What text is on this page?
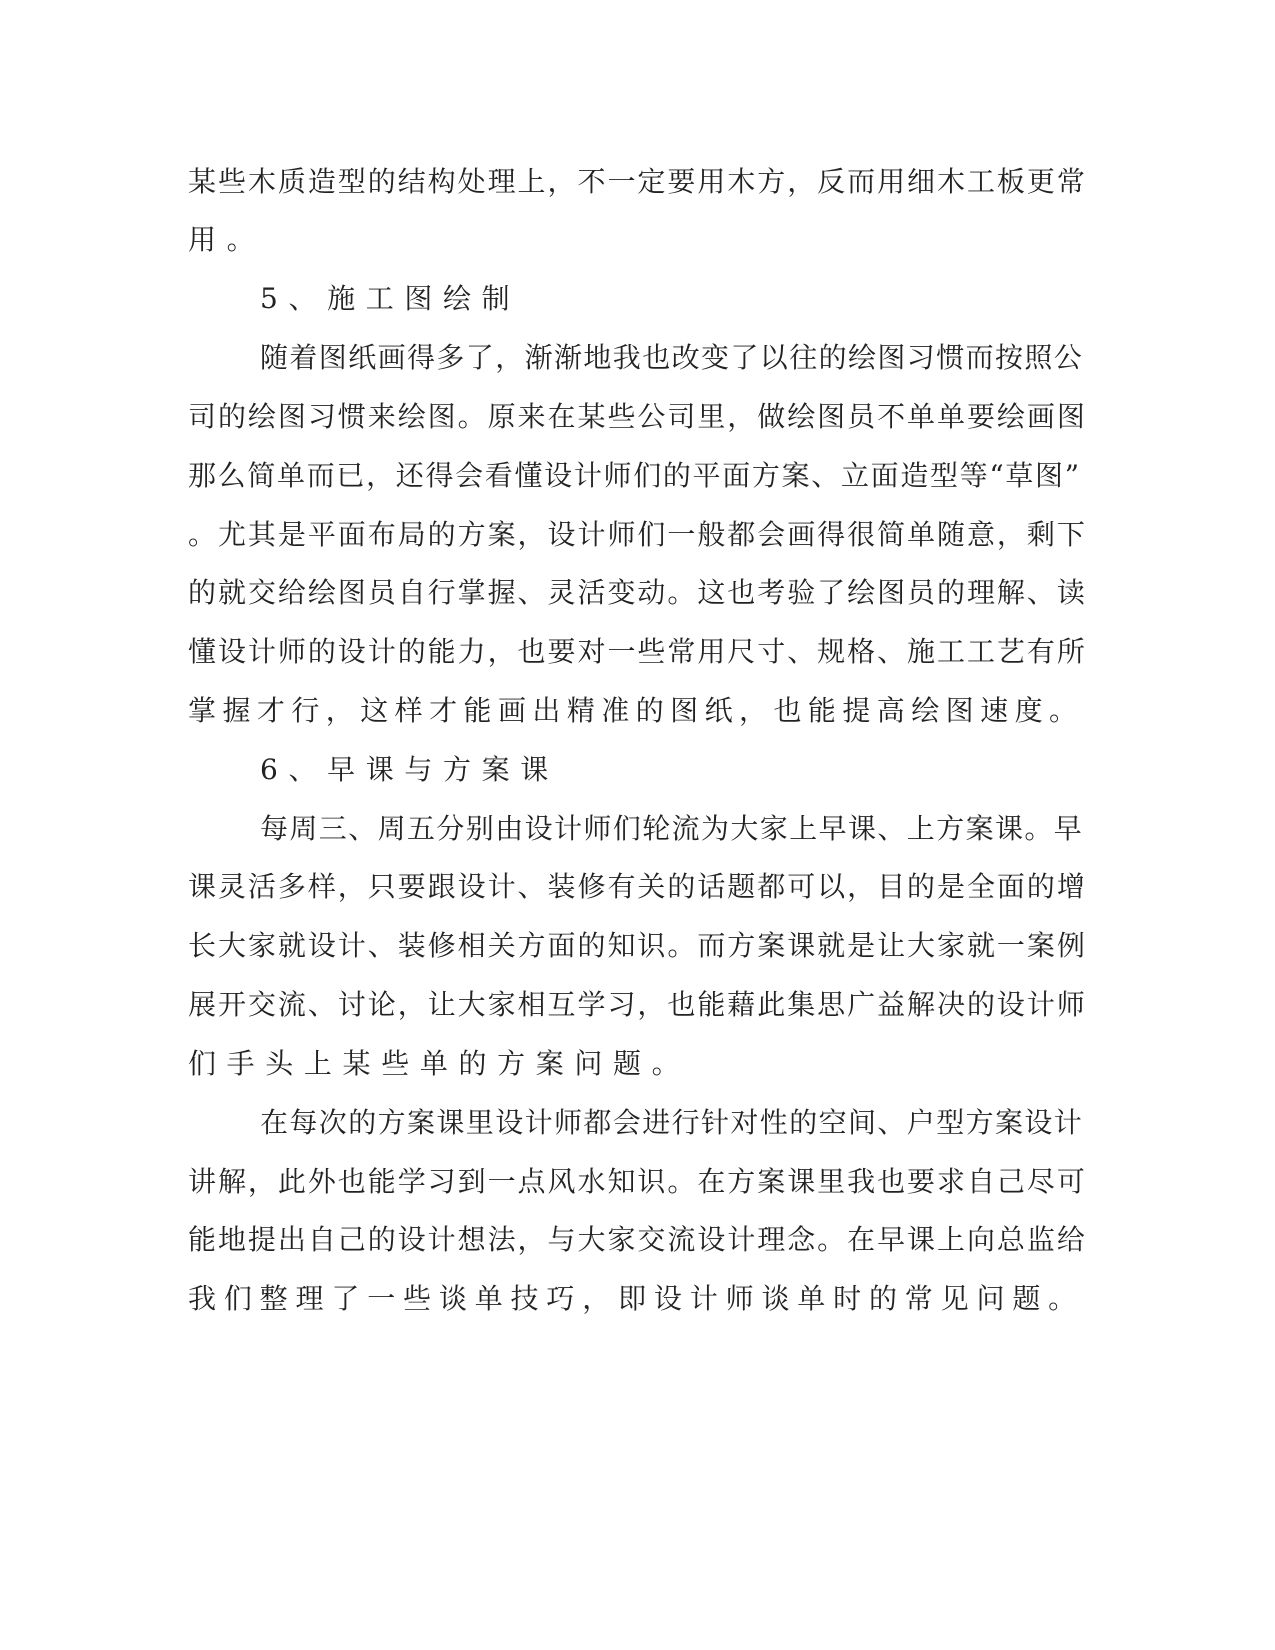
某些木质造型的结构处理上，不一定要用木方，反而用细木工板更常
用。
5、施工图绘制
随着图纸画得多了，渐渐地我也改变了以往的绘图习惯而按照公
司的绘图习惯来绘图。原来在某些公司里，做绘图员不单单要绘画图
那么简单而已，还得会看懂设计师们的平面方案、立面造型等“草图”
。尤其是平面布局的方案，设计师们一般都会画得很简单随意，剩下
的就交给绘图员自行掌握、灵活变动。这也考验了绘图员的理解、读
懂设计师的设计的能力，也要对一些常用尺寸、规格、施工工艺有所
掌握才行，这样才能画出精准的图纸，也能提高绘图速度。
6、早课与方案课
每周三、周五分别由设计师们轮流为大家上早课、上方案课。早
课灵活多样，只要跟设计、装修有关的话题都可以，目的是全面的增
长大家就设计、装修相关方面的知识。而方案课就是让大家就一案例
展开交流、讨论，让大家相互学习，也能藉此集思广益解决的设计师
们手头上某些单的方案问题。
在每次的方案课里设计师都会进行针对性的空间、户型方案设计
讲解，此外也能学习到一点风水知识。在方案课里我也要求自己尽可
能地提出自己的设计想法，与大家交流设计理念。在早课上向总监给
我们整理了一些谈单技巧，即设计师谈单时的常见问题。
